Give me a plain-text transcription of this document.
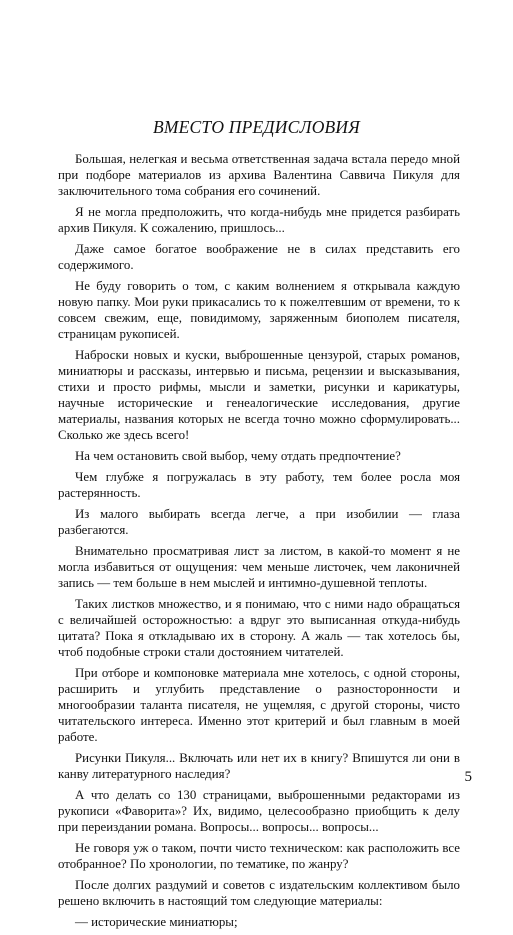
ВМЕСТО ПРЕДИСЛОВИЯ

Большая, нелегкая и весьма ответственная задача встала передо мной при подборе материалов из архива Валентина Саввича Пикуля для заключительного тома собрания его сочинений.

Я не могла предположить, что когда-нибудь мне придется разбирать архив Пикуля. К сожалению, пришлось...

Даже самое богатое воображение не в силах представить его содержимого.

Не буду говорить о том, с каким волнением я открывала каждую новую папку. Мои руки прикасались то к пожелтевшим от времени, то к совсем свежим, еще, повидимому, заряженным биополем писателя, страницам рукописей.

Наброски новых и куски, выброшенные цензурой, старых романов, миниатюры и рассказы, интервью и письма, рецензии и высказывания, стихи и просто рифмы, мысли и заметки, рисунки и карикатуры, научные исторические и генеалогические исследования, другие материалы, названия которых не всегда точно можно сформулировать... Сколько же здесь всего!

На чем остановить свой выбор, чему отдать предпочтение?

Чем глубже я погружалась в эту работу, тем более росла моя растерянность.

Из малого выбирать всегда легче, а при изобилии — глаза разбегаются.

Внимательно просматривая лист за листом, в какой-то момент я не могла избавиться от ощущения: чем меньше листочек, чем лаконичней запись — тем больше в нем мыслей и интимно-душевной теплоты.

Таких листков множество, и я понимаю, что с ними надо обращаться с величайшей осторожностью: а вдруг это выписанная откуда-нибудь цитата? Пока я откладываю их в сторону. А жаль — так хотелось бы, чтоб подобные строки стали достоянием читателей.

При отборе и компоновке материала мне хотелось, с одной стороны, расширить и углубить представление о разносторонности и многообразии таланта писателя, не ущемляя, с другой стороны, чисто читательского интереса. Именно этот критерий и был главным в моей работе.

Рисунки Пикуля... Включать или нет их в книгу? Впишутся ли они в канву литературного наследия?

А что делать со 130 страницами, выброшенными редакторами из рукописи «Фаворита»? Их, видимо, целесообразно приобщить к делу при переиздании романа. Вопросы... вопросы... вопросы...

Не говоря уж о таком, почти чисто техническом: как расположить все отобранное? По хронологии, по тематике, по жанру?

После долгих раздумий и советов с издательским коллективом было решено включить в настоящий том следующие материалы:

— исторические миниатюры;

5
